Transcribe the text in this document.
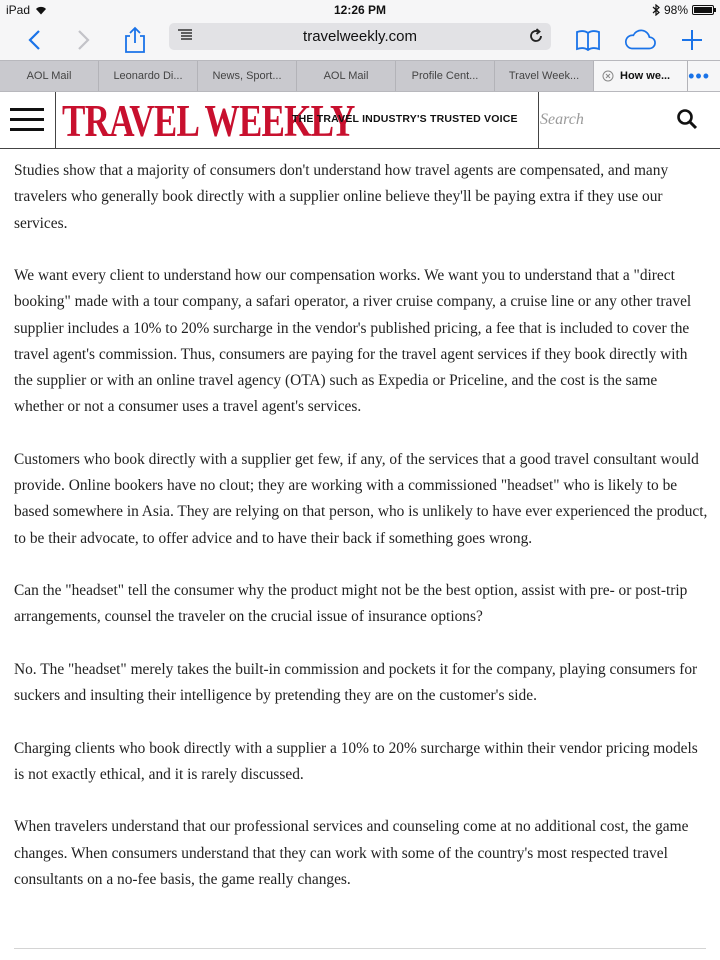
iPad	12:26 PM	98%
travelweekly.com
AOL Mail	Leonardo Di...	News, Sport...	AOL Mail	Profile Cent...	Travel Week...	How we... •••
TRAVEL WEEKLY
THE TRAVEL INDUSTRY'S TRUSTED VOICE
Search

Studies show that a majority of consumers don't understand how travel agents are compensated, and many travelers who generally book directly with a supplier online believe they'll be paying extra if they use our services.

We want every client to understand how our compensation works. We want you to understand that a "direct booking" made with a tour company, a safari operator, a river cruise company, a cruise line or any other travel supplier includes a 10% to 20% surcharge in the vendor's published pricing, a fee that is included to cover the travel agent's commission. Thus, consumers are paying for the travel agent services if they book directly with the supplier or with an online travel agency (OTA) such as Expedia or Priceline, and the cost is the same whether or not a consumer uses a travel agent's services.

Customers who book directly with a supplier get few, if any, of the services that a good travel consultant would provide. Online bookers have no clout; they are working with a commissioned "headset" who is likely to be based somewhere in Asia. They are relying on that person, who is unlikely to have ever experienced the product, to be their advocate, to offer advice and to have their back if something goes wrong.

Can the "headset" tell the consumer why the product might not be the best option, assist with pre- or post-trip arrangements, counsel the traveler on the crucial issue of insurance options?

No. The "headset" merely takes the built-in commission and pockets it for the company, playing consumers for suckers and insulting their intelligence by pretending they are on the customer's side.

Charging clients who book directly with a supplier a 10% to 20% surcharge within their vendor pricing models is not exactly ethical, and it is rarely discussed.

When travelers understand that our professional services and counseling come at no additional cost, the game changes. When consumers understand that they can work with some of the country's most respected travel consultants on a no-fee basis, the game really changes.
